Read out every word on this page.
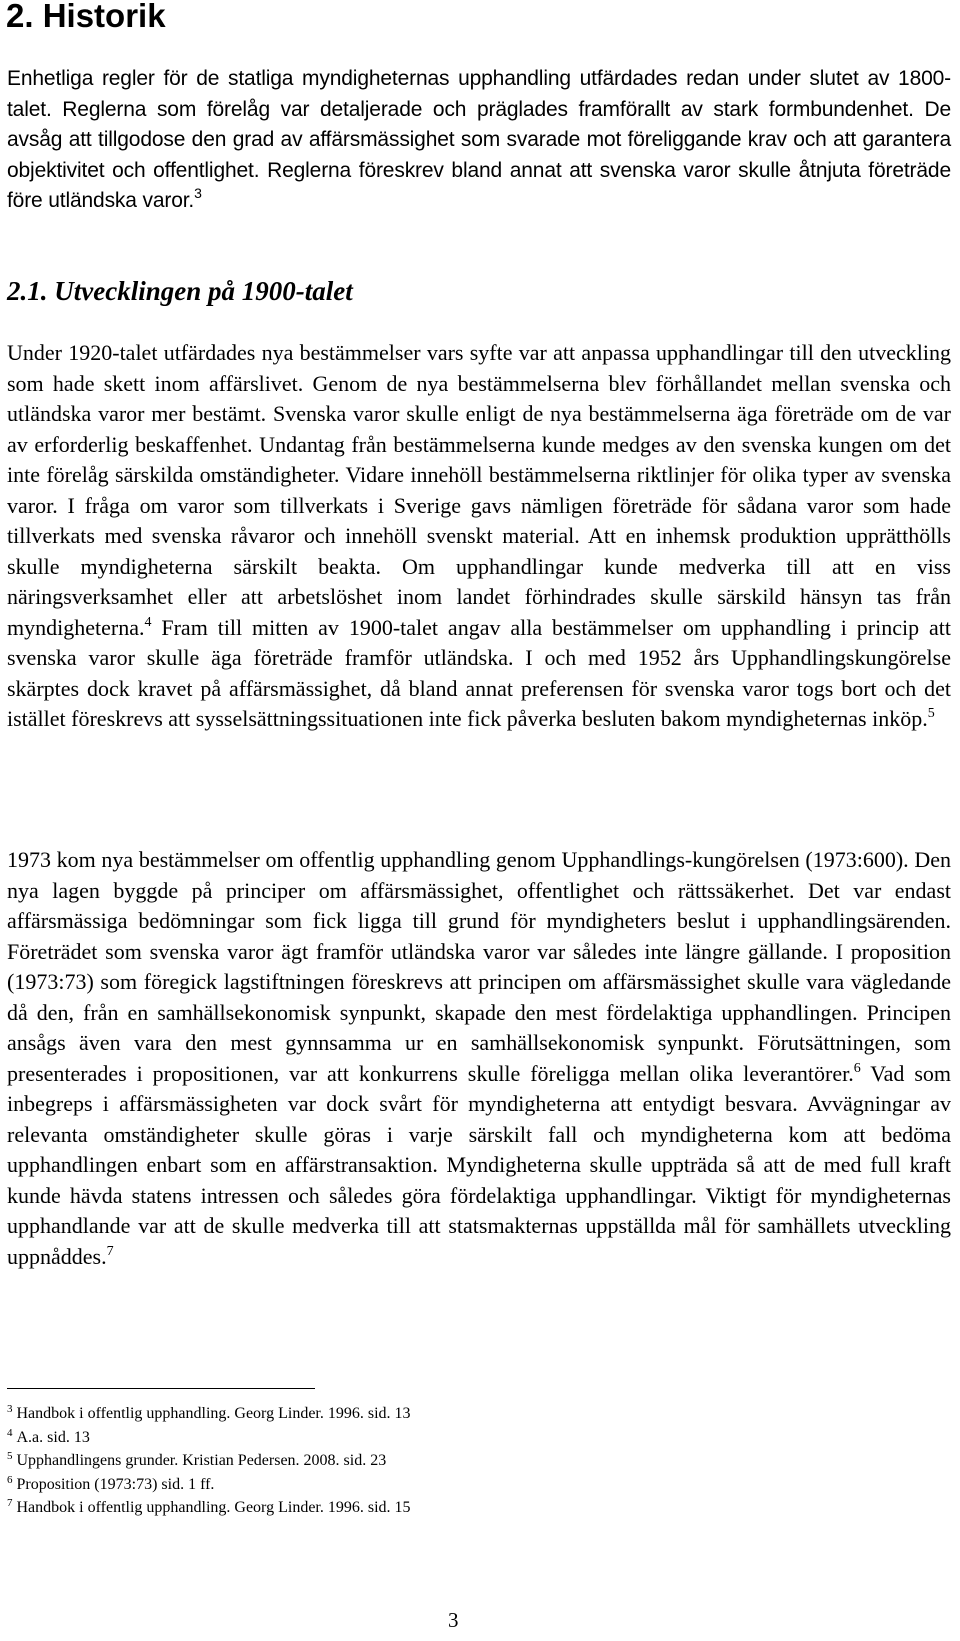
2. Historik

Enhetliga regler för de statliga myndigheternas upphandling utfärdades redan under slutet av 1800-talet. Reglerna som förelåg var detaljerade och präglades framförallt av stark formbundenhet. De avsåg att tillgodose den grad av affärsmässighet som svarade mot föreliggande krav och att garantera objektivitet och offentlighet. Reglerna föreskrev bland annat att svenska varor skulle åtnjuta företräde före utländska varor.$^3$

2.1. Utvecklingen på 1900-talet

Under 1920-talet utfärdades nya bestämmelser vars syfte var att anpassa upphandlingar till den utveckling som hade skett inom affärslivet. Genom de nya bestämmelserna blev förhållandet mellan svenska och utländska varor mer bestämt. Svenska varor skulle enligt de nya bestämmelserna äga företräde om de var av erforderlig beskaffenhet. Undantag från bestämmelserna kunde medges av den svenska kungen om det inte förelåg särskilda omständigheter. Vidare innehöll bestämmelserna riktlinjer för olika typer av svenska varor. I fråga om varor som tillverkats i Sverige gavs nämligen företräde för sådana varor som hade tillverkats med svenska råvaror och innehöll svenskt material. Att en inhemsk produktion upprätthölls skulle myndigheterna särskilt beakta. Om upphandlingar kunde medverka till att en viss näringsverksamhet eller att arbetslöshet inom landet förhindrades skulle särskild hänsyn tas från myndigheterna.$^4$ Fram till mitten av 1900-talet angav alla bestämmelser om upphandling i princip att svenska varor skulle äga företräde framför utländska. I och med 1952 års Upphandlingskungörelse skärptes dock kravet på affärsmässighet, då bland annat preferensen för svenska varor togs bort och det istället föreskrevs att sysselsättningssituationen inte fick påverka besluten bakom myndigheternas inköp.$^5$

1973 kom nya bestämmelser om offentlig upphandling genom Upphandlings-kungörelsen (1973:600). Den nya lagen byggde på principer om affärsmässighet, offentlighet och rättssäkerhet. Det var endast affärsmässiga bedömningar som fick ligga till grund för myndigheters beslut i upphandlingsärenden. Företrädet som svenska varor ägt framför utländska varor var således inte längre gällande. I proposition (1973:73) som föregick lagstiftningen föreskrevs att principen om affärsmässighet skulle vara vägledande då den, från en samhällsekonomisk synpunkt, skapade den mest fördelaktiga upphandlingen. Principen ansågs även vara den mest gynnsamma ur en samhällsekonomisk synpunkt. Förutsättningen, som presenterades i propositionen, var att konkurrens skulle föreligga mellan olika leverantörer.$^6$ Vad som inbegreps i affärsmässigheten var dock svårt för myndigheterna att entydigt besvara. Avvägningar av relevanta omständigheter skulle göras i varje särskilt fall och myndigheterna kom att bedöma upphandlingen enbart som en affärstransaktion. Myndigheterna skulle uppträda så att de med full kraft kunde hävda statens intressen och således göra fördelaktiga upphandlingar. Viktigt för myndigheternas upphandlande var att de skulle medverka till att statsmakternas uppställda mål för samhällets utveckling uppnåddes.$^7$

$^3$ Handbok i offentlig upphandling. Georg Linder. 1996. sid. 13
$^4$ A.a. sid. 13
$^5$ Upphandlingens grunder. Kristian Pedersen. 2008. sid. 23
$^6$ Proposition (1973:73) sid. 1 ff.
$^7$ Handbok i offentlig upphandling. Georg Linder. 1996. sid. 15
3
